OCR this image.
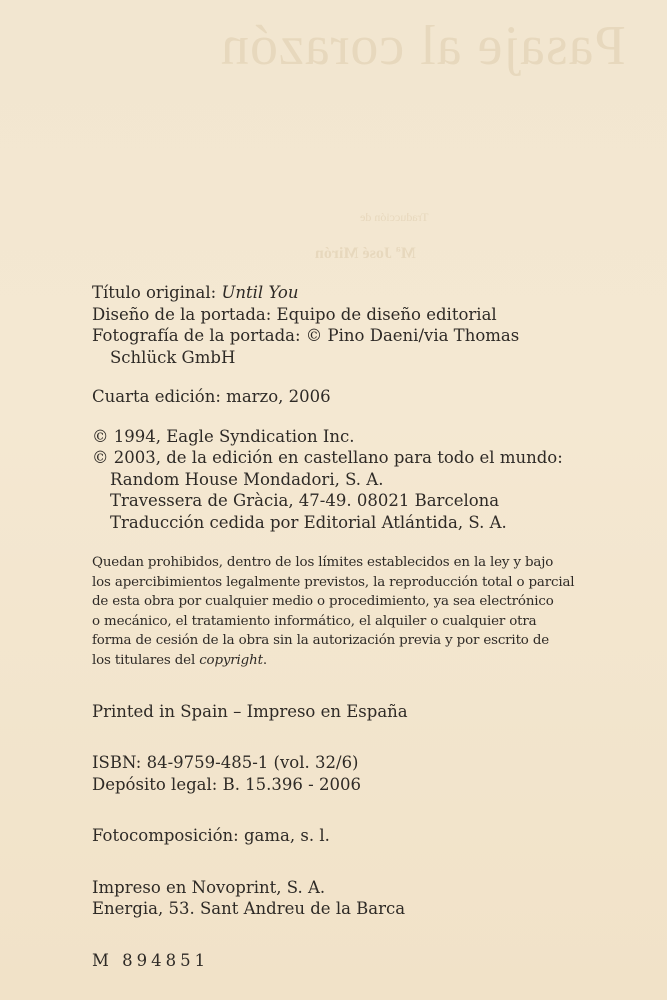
Pasaje al corazón
Traducción de
Mª José Mirón

Título original: Until You

Diseño de la portada: Equipo de diseño editorial

Fotografía de la portada: © Pino Daeni/via Thomas

Schlück GmbH

Cuarta edición: marzo, 2006

© 1994, Eagle Syndication Inc.

© 2003, de la edición en castellano para todo el mundo:

Random House Mondadori, S. A.

Travessera de Gràcia, 47-49. 08021 Barcelona

Traducción cedida por Editorial Atlántida, S. A.

Quedan prohibidos, dentro de los límites establecidos en la ley y bajo

los apercibimientos legalmente previstos, la reproducción total o parcial

de esta obra por cualquier medio o procedimiento, ya sea electrónico

o mecánico, el tratamiento informático, el alquiler o cualquier otra

forma de cesión de la obra sin la autorización previa y por escrito de

los titulares del copyright.

Printed in Spain – Impreso en España

ISBN: 84-9759-485-1 (vol. 32/6)

Depósito legal: B. 15.396 - 2006

Fotocomposición: gama, s. l.

Impreso en Novoprint, S. A.

Energia, 53. Sant Andreu de la Barca

M 894851
